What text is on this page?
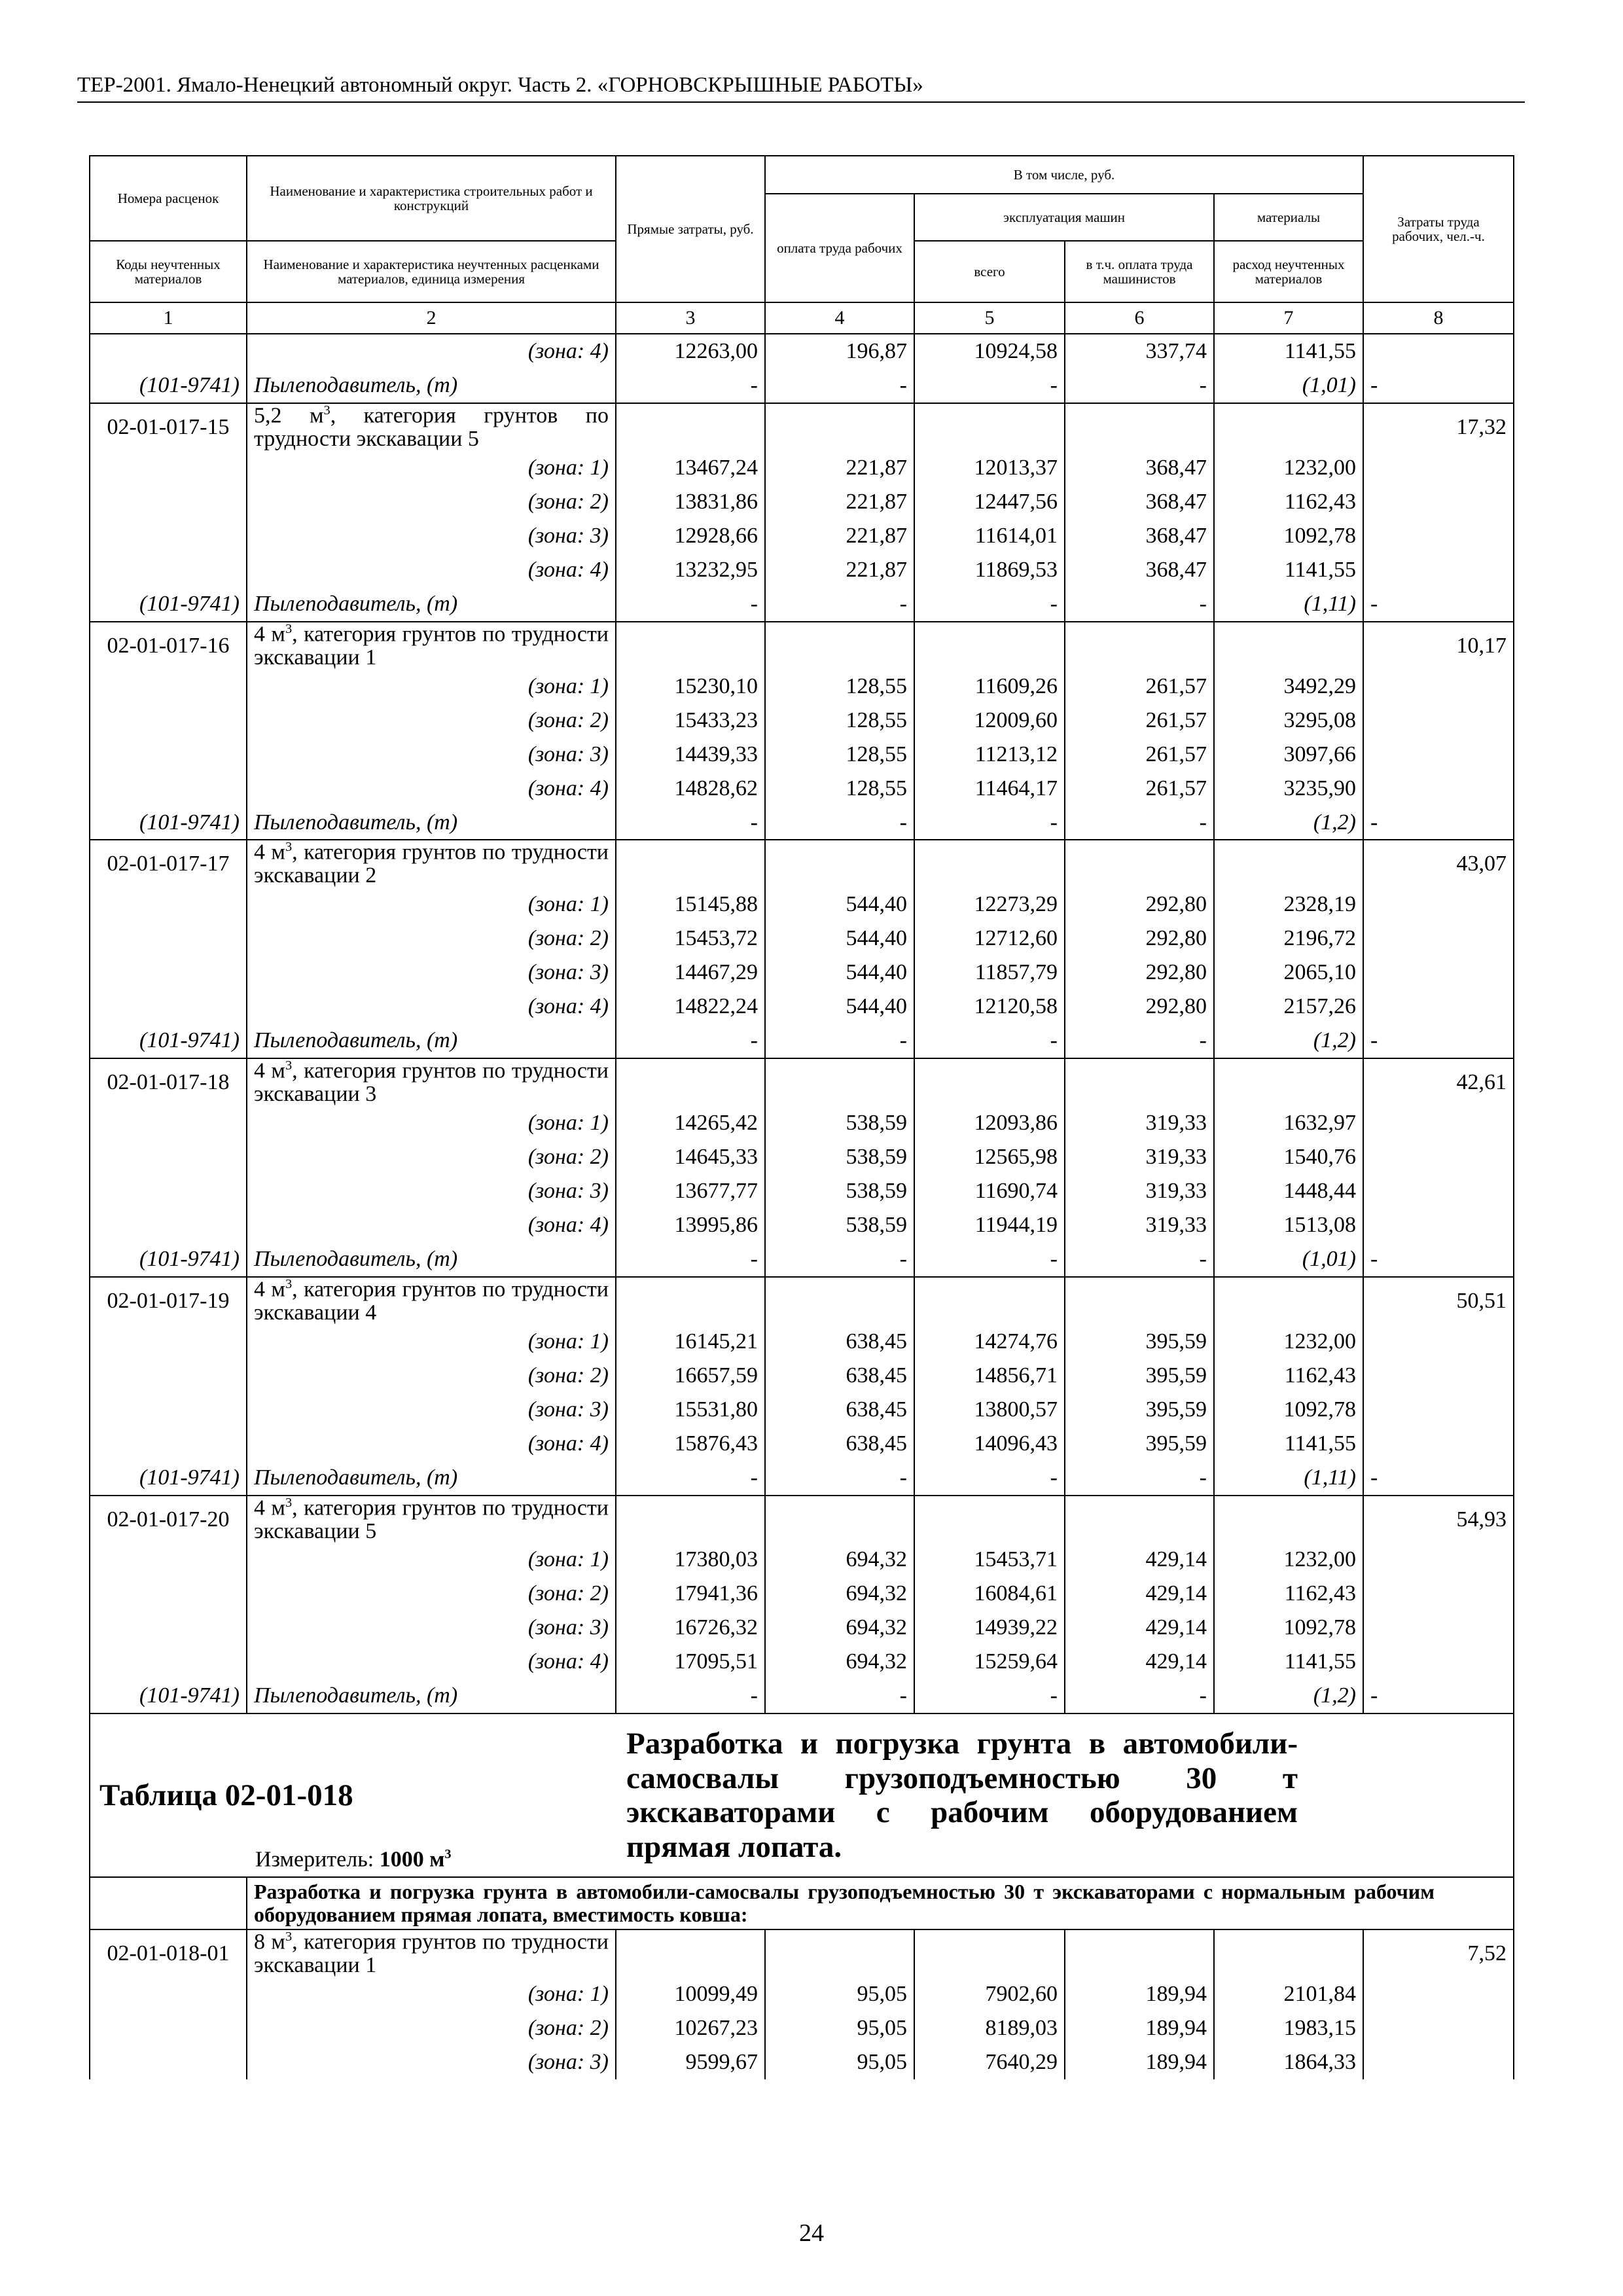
ТЕР-2001. Ямало-Ненецкий автономный округ. Часть 2. «ГОРНОВСКРЫШНЫЕ РАБОТЫ»
Номера расценок	Наименование и характеристика строительных работ и конструкций	Прямые затраты, руб.	В том числе, руб.				Затраты труда рабочих, чел.-ч.
			оплата труда рабочих	эксплуатация машин		материалы	
Коды неучтенных материалов	Наименование и характеристика неучтенных расценками материалов, единица измерения			всего	в т.ч. оплата труда машинистов	расход неучтенных материалов	

1	2	3	4	5	6	7	8
	(зона: 4)	12263,00	196,87	10924,58	337,74	1141,55	
(101-9741)	Пылеподавитель, (т)	-	-	-	-	(1,01)	-
02-01-017-15	5,2 $м^3$, категория грунтов по трудности экскавации 5						17,32
	(зона: 1)	13467,24	221,87	12013,37	368,47	1232,00	
	(зона: 2)	13831,86	221,87	12447,56	368,47	1162,43	
	(зона: 3)	12928,66	221,87	11614,01	368,47	1092,78	
	(зона: 4)	13232,95	221,87	11869,53	368,47	1141,55	
(101-9741)	Пылеподавитель, (т)	-	-	-	-	(1,11)	-
02-01-017-16	4 $м^3$, категория грунтов по трудности экскавации 1						10,17
	(зона: 1)	15230,10	128,55	11609,26	261,57	3492,29	
	(зона: 2)	15433,23	128,55	12009,60	261,57	3295,08	
	(зона: 3)	14439,33	128,55	11213,12	261,57	3097,66	
	(зона: 4)	14828,62	128,55	11464,17	261,57	3235,90	
(101-9741)	Пылеподавитель, (т)	-	-	-	-	(1,2)	-
02-01-017-17	4 $м^3$, категория грунтов по трудности экскавации 2						43,07
	(зона: 1)	15145,88	544,40	12273,29	292,80	2328,19	
	(зона: 2)	15453,72	544,40	12712,60	292,80	2196,72	
	(зона: 3)	14467,29	544,40	11857,79	292,80	2065,10	
	(зона: 4)	14822,24	544,40	12120,58	292,80	2157,26	
(101-9741)	Пылеподавитель, (т)	-	-	-	-	(1,2)	-
02-01-017-18	4 $м^3$, категория грунтов по трудности экскавации 3						42,61
	(зона: 1)	14265,42	538,59	12093,86	319,33	1632,97	
	(зона: 2)	14645,33	538,59	12565,98	319,33	1540,76	
	(зона: 3)	13677,77	538,59	11690,74	319,33	1448,44	
	(зона: 4)	13995,86	538,59	11944,19	319,33	1513,08	
(101-9741)	Пылеподавитель, (т)	-	-	-	-	(1,01)	-
02-01-017-19	4 $м^3$, категория грунтов по трудности экскавации 4						50,51
	(зона: 1)	16145,21	638,45	14274,76	395,59	1232,00	
	(зона: 2)	16657,59	638,45	14856,71	395,59	1162,43	
	(зона: 3)	15531,80	638,45	13800,57	395,59	1092,78	
	(зона: 4)	15876,43	638,45	14096,43	395,59	1141,55	
(101-9741)	Пылеподавитель, (т)	-	-	-	-	(1,11)	-
02-01-017-20	4 $м^3$, категория грунтов по трудности экскавации 5						54,93
	(зона: 1)	17380,03	694,32	15453,71	429,14	1232,00	
	(зона: 2)	17941,36	694,32	16084,61	429,14	1162,43	
	(зона: 3)	16726,32	694,32	14939,22	429,14	1092,78	
	(зона: 4)	17095,51	694,32	15259,64	429,14	1141,55	
(101-9741)	Пылеподавитель, (т)	-	-	-	-	(1,2)	-

Таблица 02-01-018
Измеритель: 1000 $м^3$		Разработка и погрузка грунта в автомобили-самосвалы грузоподъемностью 30 т экскаваторами с рабочим оборудованием прямая лопата.					
	Разработка и погрузка грунта в автомобили-самосвалы грузоподъемностью 30 т экскаваторами с нормальным рабочим оборудованием прямая лопата, вместимость ковша:						
02-01-018-01	8 $м^3$, категория грунтов по трудности экскавации 1						7,52
	(зона: 1)	10099,49	95,05	7902,60	189,94	2101,84	
	(зона: 2)	10267,23	95,05	8189,03	189,94	1983,15	
	(зона: 3)	9599,67	95,05	7640,29	189,94	1864,33	
24
